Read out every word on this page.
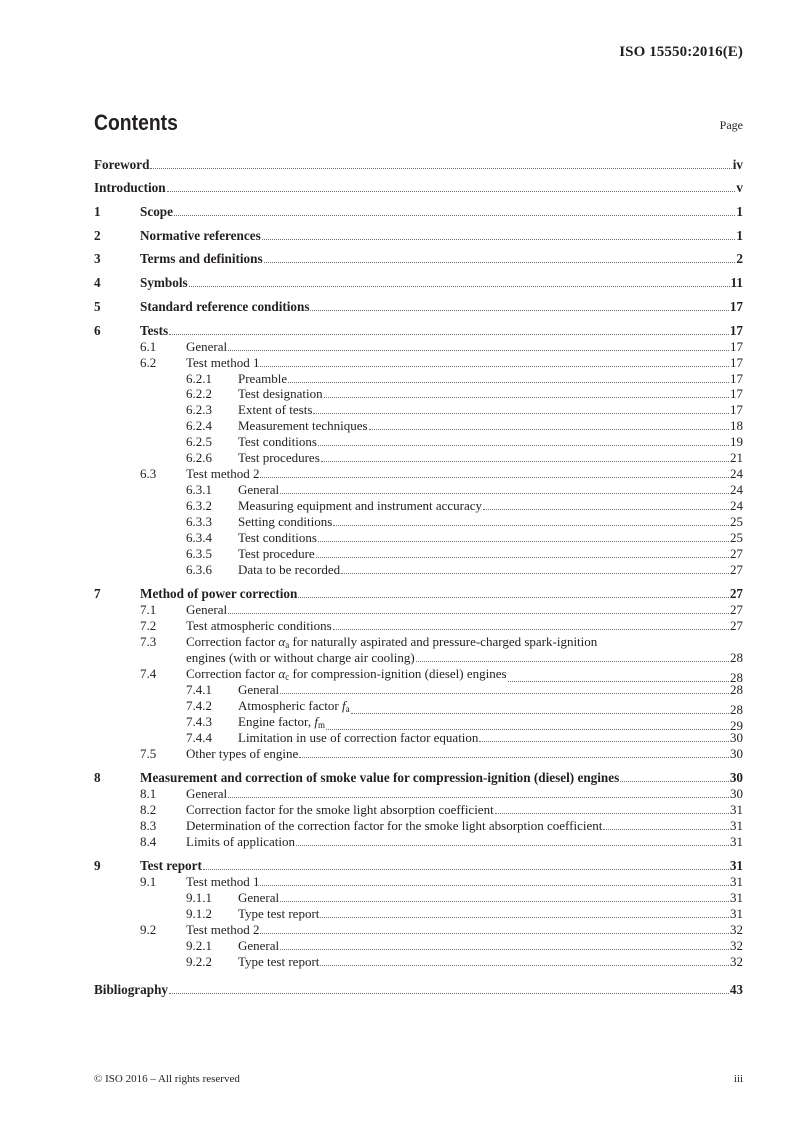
ISO 15550:2016(E)
Contents	Page
Foreword	iv
Introduction	v
1	Scope	1
2	Normative references	1
3	Terms and definitions	2
4	Symbols	11
5	Standard reference conditions	17
6	Tests	17
6.1 General	17
6.2 Test method 1	17
6.2.1 Preamble	17
6.2.2 Test designation	17
6.2.3 Extent of tests	17
6.2.4 Measurement techniques	18
6.2.5 Test conditions	19
6.2.6 Test procedures	21
6.3 Test method 2	24
6.3.1 General	24
6.3.2 Measuring equipment and instrument accuracy	24
6.3.3 Setting conditions	25
6.3.4 Test conditions	25
6.3.5 Test procedure	27
6.3.6 Data to be recorded	27
7	Method of power correction	27
7.1 General	27
7.2 Test atmospheric conditions	27
7.3 Correction factor $\alpha_a$ for naturally aspirated and pressure-charged spark-ignition
engines (with or without charge air cooling)	28
7.4 Correction factor $\alpha_c$ for compression-ignition (diesel) engines	28
7.4.1 General	28
7.4.2 Atmospheric factor $f_a$	28
7.4.3 Engine factor, $f_m$	29
7.4.4 Limitation in use of correction factor equation	30
7.5 Other types of engine	30
8	Measurement and correction of smoke value for compression-ignition (diesel) engines	30
8.1 General	30
8.2 Correction factor for the smoke light absorption coefficient	31
8.3 Determination of the correction factor for the smoke light absorption coefficient	31
8.4 Limits of application	31
9	Test report	31
9.1 Test method 1	31
9.1.1 General	31
9.1.2 Type test report	31
9.2 Test method 2	32
9.2.1 General	32
9.2.2 Type test report	32
Bibliography	43
© ISO 2016 – All rights reserved	iii
